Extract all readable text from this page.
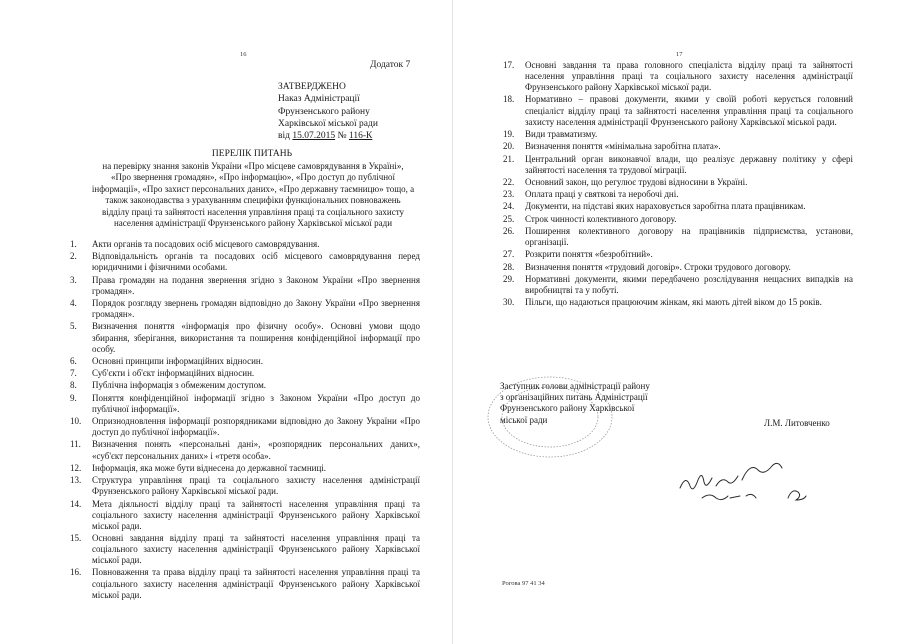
16
Додаток 7
ЗАТВЕРДЖЕНО
Наказ Адміністрації
Фрунзенського району
Харківської міської ради
від 15.07.2015 № 116-К
ПЕРЕЛІК ПИТАНЬ
на перевірку знання законів України «Про місцеве самоврядування в Україні»,
«Про звернення громадян», «Про інформацію», «Про доступ до публічної
інформації», «Про захист персональних даних», «Про державну таємницю» тощо, а
також законодавства з урахуванням специфіки функціональних повноважень
відділу праці та зайнятості населення управління праці та соціального захисту
населення адміністрації Фрунзенського району Харківської міської ради
1.	Акти органів та посадових осіб місцевого самоврядування.
2.	Відповідальність органів та посадових осіб місцевого самоврядування перед юридичними і фізичними особами.
3.	Права громадян на подання звернення згідно з Законом України «Про звернення громадян».
4.	Порядок розгляду звернень громадян відповідно до Закону України «Про звернення громадян».
5.	Визначення поняття «інформація про фізичну особу». Основні умови щодо збирання, зберігання, використання та поширення конфіденційної інформації про особу.
6.	Основні принципи інформаційних відносин.
7.	Суб'єкти і об'єкт інформаційних відносин.
8.	Публічна інформація з обмеженим доступом.
9.	Поняття конфіденційної інформації згідно з Законом України «Про доступ до публічної інформації».
10.	Опризнодновлення інформації розпорядниками відповідно до Закону України «Про доступ до публічної інформації».
11.	Визначення понять «персональні дані», «розпорядник персональних даних», «суб'єкт персональних даних» і «третя особа».
12.	Інформація, яка може бути віднесена до державної таємниці.
13.	Структура управління праці та соціального захисту населення адміністрації Фрунзенського району Харківської міської ради.
14.	Мета діяльності відділу праці та зайнятості населення управління праці та соціального захисту населення адміністрації Фрунзенського району Харківської міської ради.
15.	Основні завдання відділу праці та зайнятості населення управління праці та соціального захисту населення адміністрації Фрунзенського району Харківської міської ради.
16.	Повноваження та права відділу праці та зайнятості населення управління праці та соціального захисту населення адміністрації Фрунзенського району Харківської міської ради.
17
17.	Основні завдання та права головного спеціаліста відділу праці та зайнятості населення управління праці та соціального захисту населення адміністрації Фрунзенського району Харківської міської ради.
18.	Нормативно – правові документи, якими у своїй роботі керується головний спеціаліст відділу праці та зайнятості населення управління праці та соціального захисту населення адміністрації Фрунзенського району Харківської міської ради.
19.	Види травматизму.
20.	Визначення поняття «мінімальна заробітна плата».
21.	Центральний орган виконавчої влади, що реалізує державну політику у сфері зайнятості населення та трудової міграції.
22.	Основний закон, що регулює трудові відносини в Україні.
23.	Оплата праці у святкові та неробочі дні.
24.	Документи, на підставі яких нараховується заробітна плата працівникам.
25.	Строк чинності колективного договору.
26.	Поширення колективного договору на працівників підприємства, установи, організації.
27.	Розкрити поняття «безробітний».
28.	Визначення поняття «трудовий договір». Строки трудового договору.
29.	Нормативні документи, якими передбачено розслідування нещасних випадків на виробництві та у побуті.
30.	Пільги, що надаються працюючим жінкам, які мають дітей віком до 15 років.
Заступник голови адміністрації району
з організаційних питань Адміністрації
Фрунзенського району Харківської
міської ради	Л.М. Литовченко
Рогова 97 41 34
